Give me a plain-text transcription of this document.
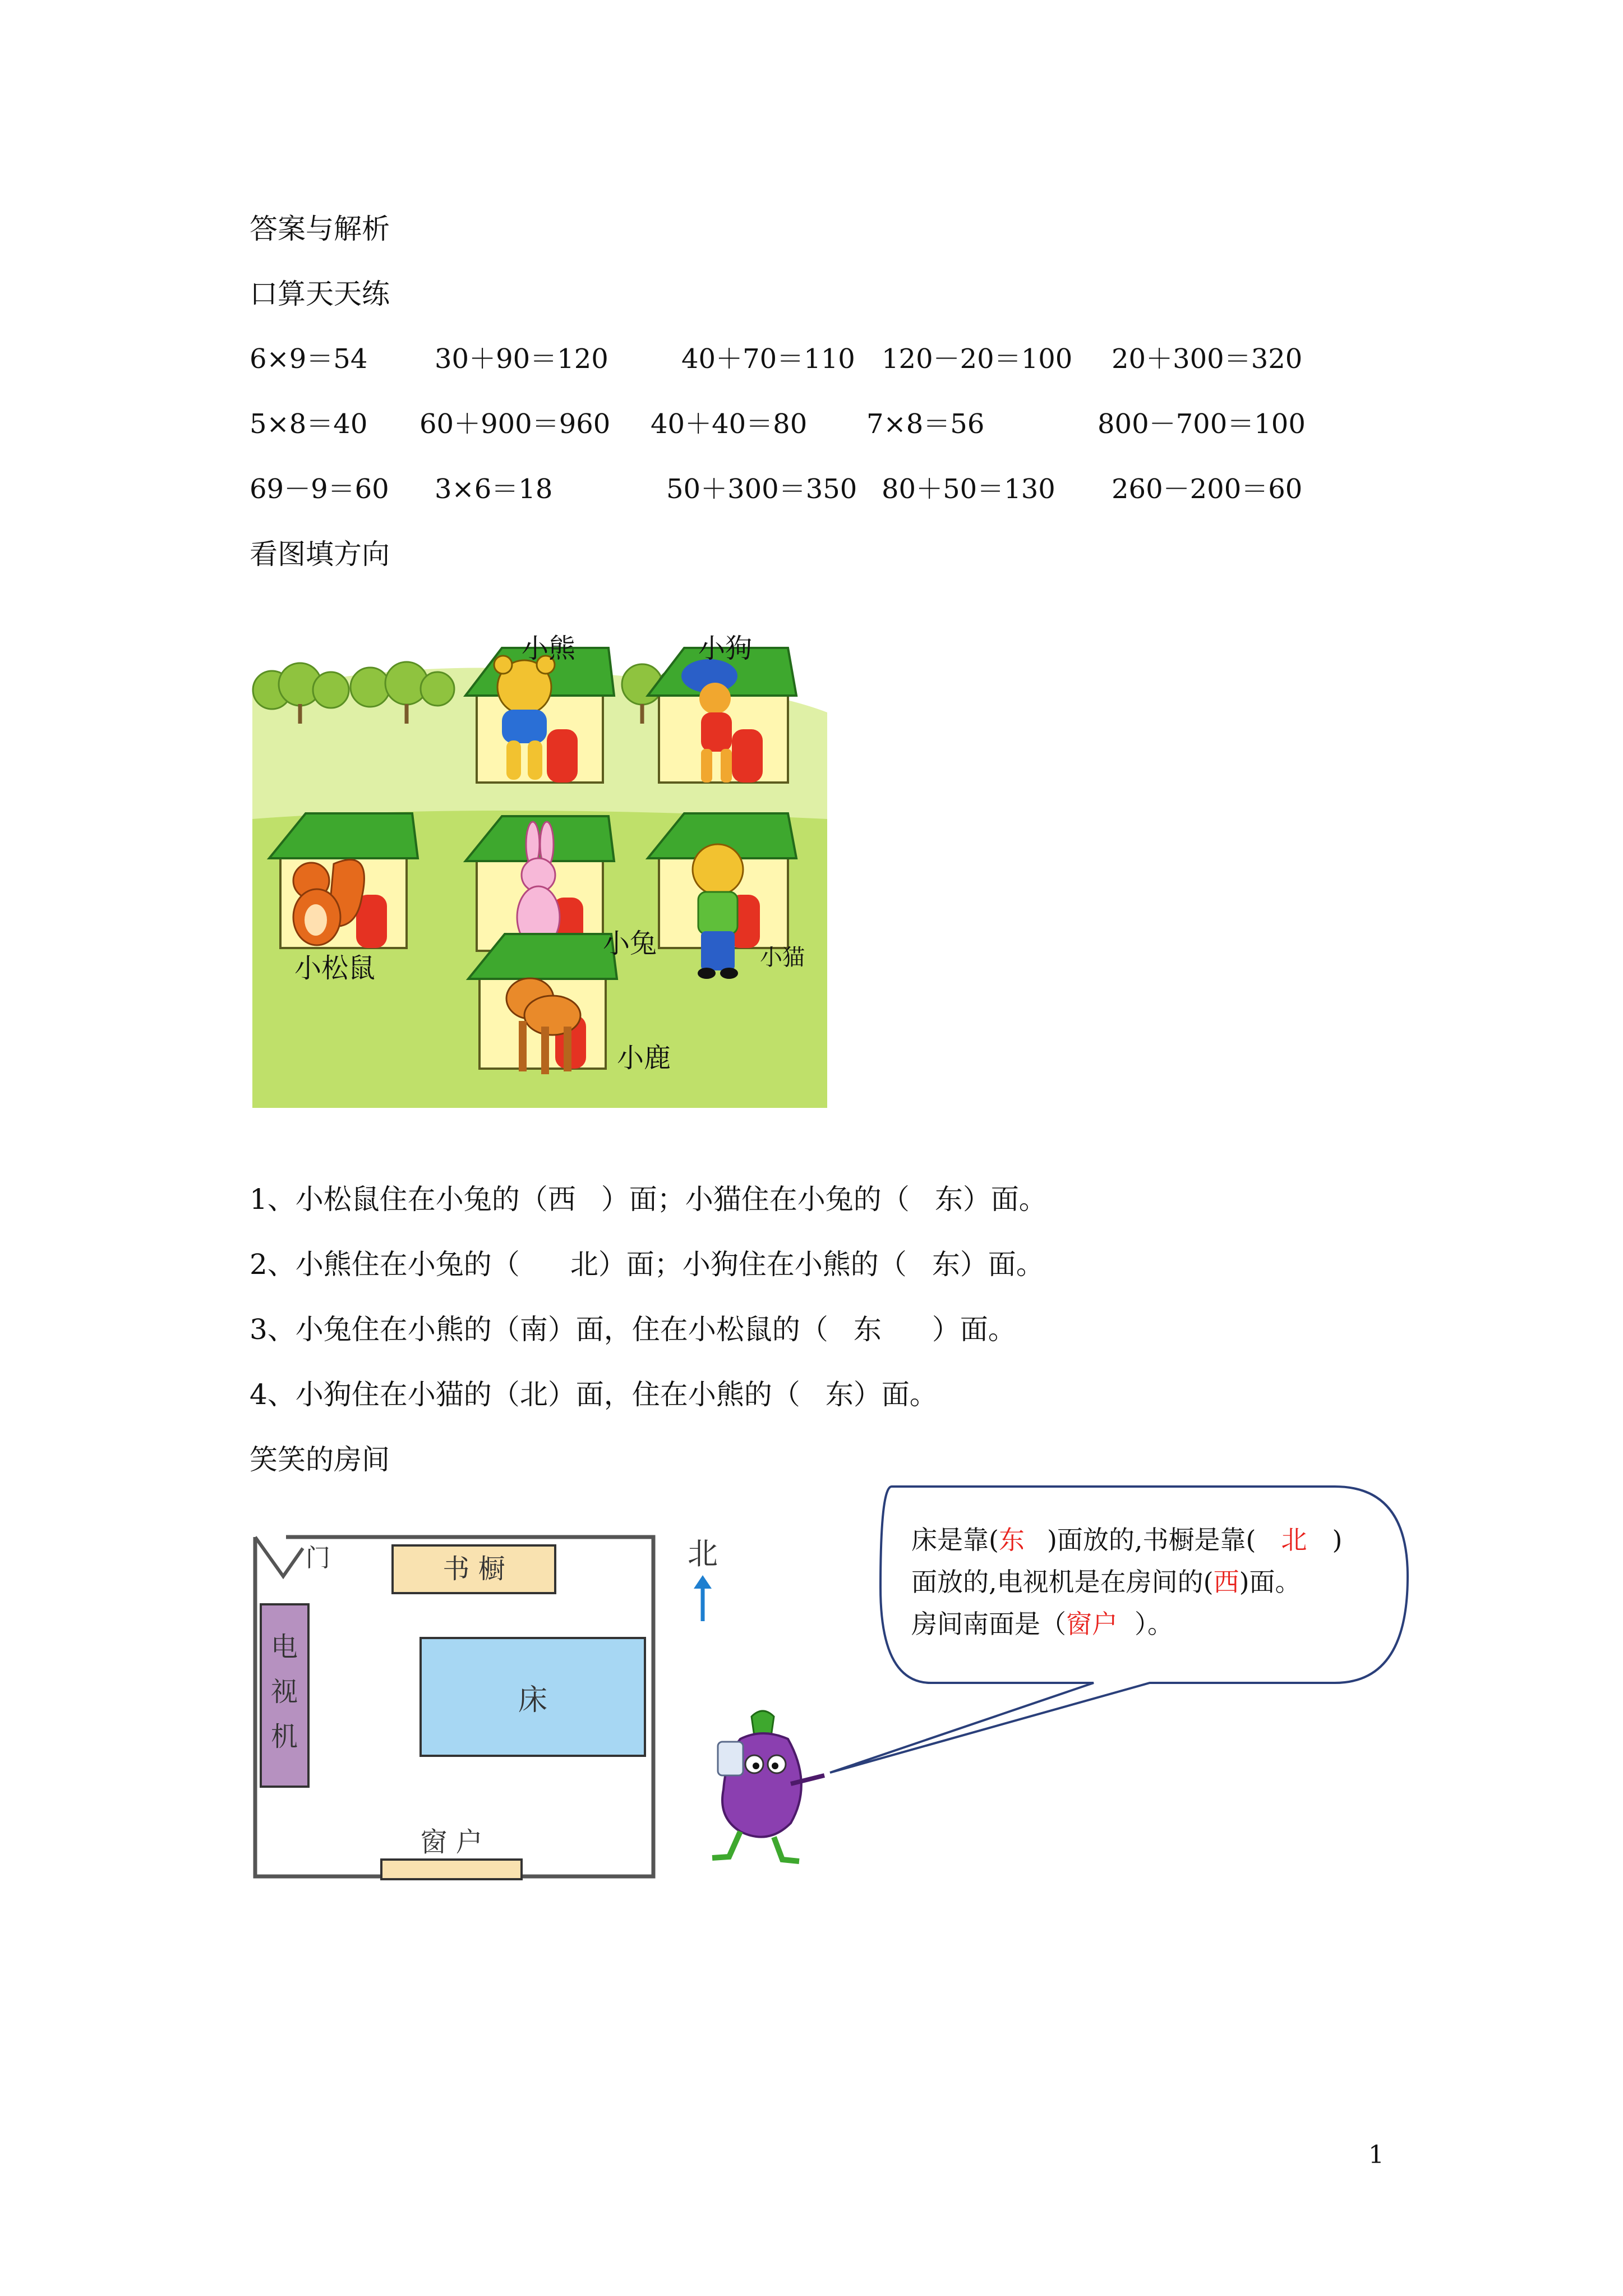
答案与解析
口算天天练
6×9＝54 30＋90＝120	40＋70＝110 120－20＝100 20＋300＝320
5×8＝40 60＋900＝960 40＋40＝80 7×8＝56	800－700＝100
69－9＝60 3×6＝18	50＋300＝350 80＋50＝130 260－200＝60
看图填方向
小熊	小狗
小松鼠
小兔	小猫
小鹿
1、小松鼠住在小兔的（西 ）面；小猫住在小兔的（ 东）面。
2、小熊住在小兔的（ 北）面；小狗住在小熊的（ 东）面。
3、小兔住在小熊的（南）面，住在小松鼠的（ 东 ）面。
4、小狗住在小猫的（北）面，住在小熊的（ 东）面。
笑笑的房间
门	书 橱
电
视
机
床
窗 户
北	床是靠(东 )面放的,书橱是靠( 北 )
面放的,电视机是在房间的(西)面。
房间南面是（窗户 ）。
1
